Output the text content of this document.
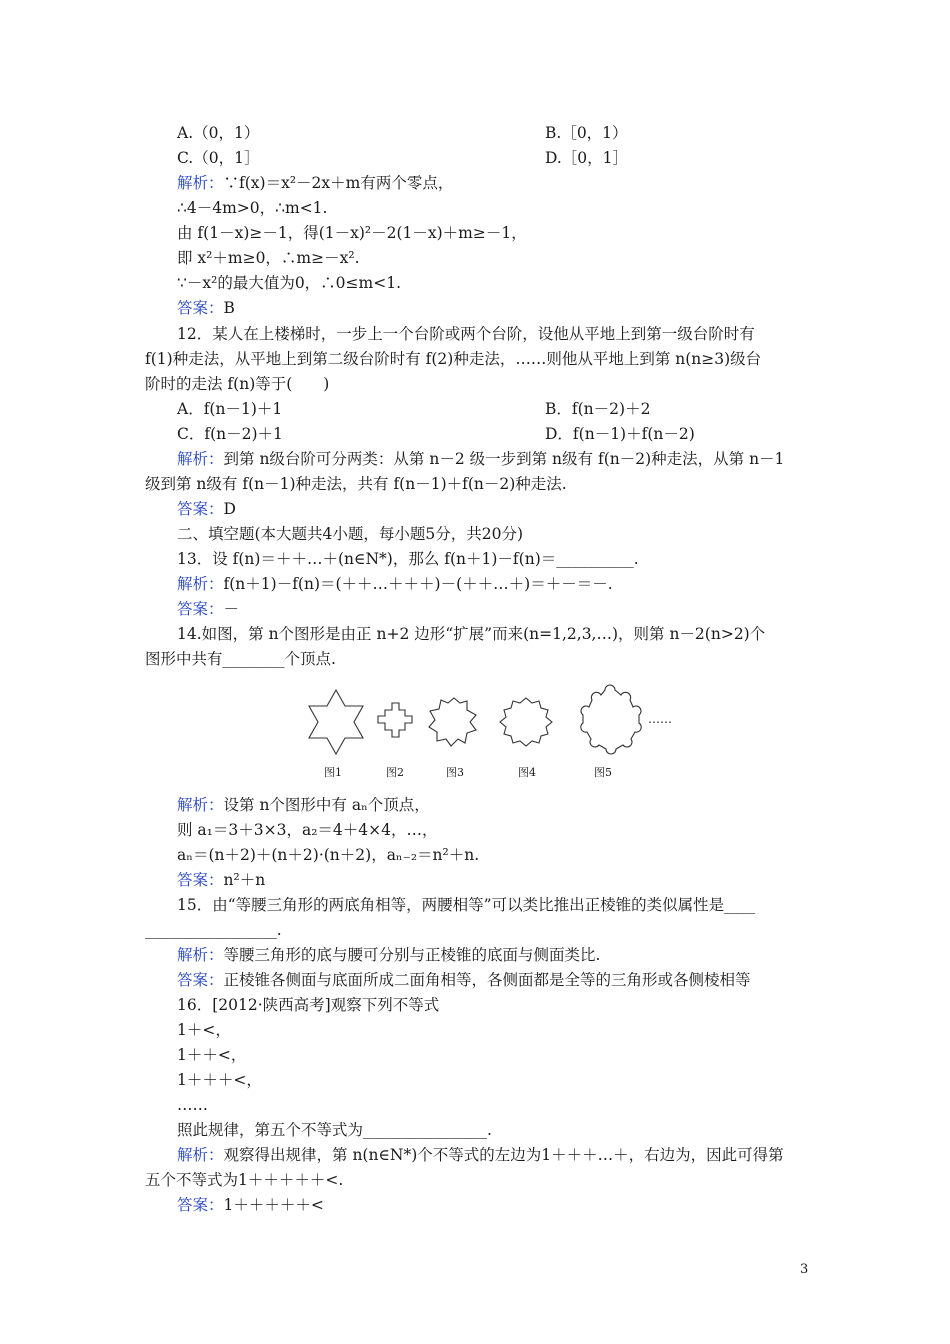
A.（0，1）	B.［0，1）
C.（0，1］	D.［0，1］
解析：∵f(x)＝x²－2x＋m有两个零点，
∴4－4m>0，∴m<1.
由 f(1－x)≥－1，得(1－x)²－2(1－x)＋m≥－1，
即 x²＋m≥0，∴m≥－x².
∵－x²的最大值为0，∴0≤m<1.
答案：B
12．某人在上楼梯时，一步上一个台阶或两个台阶，设他从平地上到第一级台阶时有
f(1)种走法，从平地上到第二级台阶时有 f(2)种走法，……则他从平地上到第 n(n≥3)级台
阶时的走法 f(n)等于(　　)
A．f(n－1)＋1	B．f(n－2)＋2
C．f(n－2)＋1	D．f(n－1)＋f(n－2)
解析：到第 n级台阶可分两类：从第 n－2 级一步到第 n级有 f(n－2)种走法，从第 n－1
级到第 n级有 f(n－1)种走法，共有 f(n－1)＋f(n－2)种走法.
答案：D
二、填空题(本大题共4小题，每小题5分，共20分)
13．设 f(n)＝＋＋…＋(n∈N*)，那么 f(n＋1)－f(n)＝__________.
解析：f(n＋1)－f(n)＝(＋＋…＋＋＋)－(＋＋…＋)＝＋－＝－.
答案：－
14.如图，第 n个图形是由正 n+2 边形“扩展”而来(n=1,2,3,…)，则第 n－2(n>2)个
图形中共有________个顶点.
……
图1	图2	图3	图4	图5
解析：设第 n个图形中有 aₙ个顶点，
则 a₁＝3＋3×3，a₂＝4＋4×4，…，
aₙ＝(n＋2)＋(n＋2)·(n＋2)，aₙ₋₂＝n²＋n.
答案：n²＋n
15．由“等腰三角形的两底角相等，两腰相等”可以类比推出正棱锥的类似属性是____
_________________.
解析：等腰三角形的底与腰可分别与正棱锥的底面与侧面类比.
答案：正棱锥各侧面与底面所成二面角相等，各侧面都是全等的三角形或各侧棱相等
16．[2012·陕西高考]观察下列不等式
1＋<，
1＋＋<，
1＋＋＋<，
……
照此规律，第五个不等式为________________.
解析：观察得出规律，第 n(n∈N*)个不等式的左边为1＋＋＋…＋，右边为，因此可得第
五个不等式为1＋＋＋＋＋<.
答案：1＋＋＋＋＋<
3
